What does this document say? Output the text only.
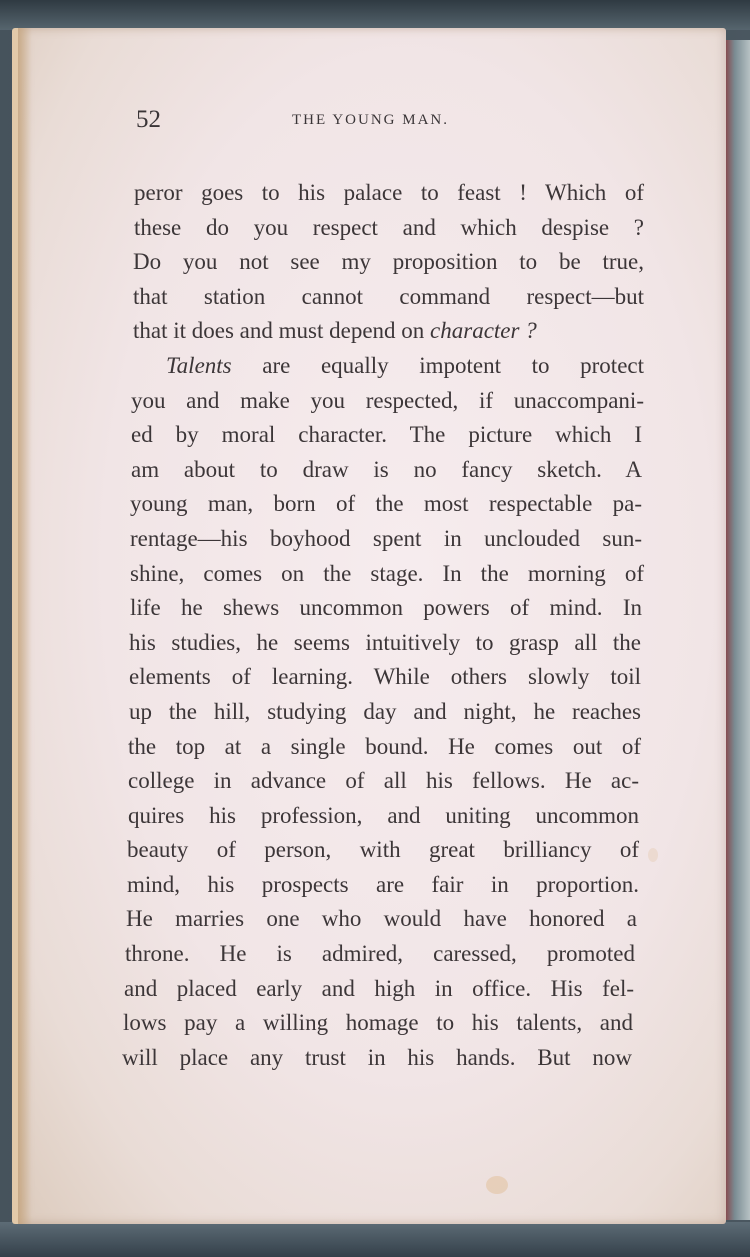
52	THE YOUNG MAN.
peror goes to his palace to feast ! Which of
these do you respect and which despise ?
Do you not see my proposition to be true,
that station cannot command respect—but
that it does and must depend on character ?
Talents are equally impotent to protect
you and make you respected, if unaccompani-
ed by moral character. The picture which I
am about to draw is no fancy sketch. A
young man, born of the most respectable pa-
rentage—his boyhood spent in unclouded sun-
shine, comes on the stage. In the morning of
life he shews uncommon powers of mind. In
his studies, he seems intuitively to grasp all the
elements of learning. While others slowly toil
up the hill, studying day and night, he reaches
the top at a single bound. He comes out of
college in advance of all his fellows. He ac-
quires his profession, and uniting uncommon
beauty of person, with great brilliancy of
mind, his prospects are fair in proportion.
He marries one who would have honored a
throne. He is admired, caressed, promoted
and placed early and high in office. His fel-
lows pay a willing homage to his talents, and
will place any trust in his hands. But now
